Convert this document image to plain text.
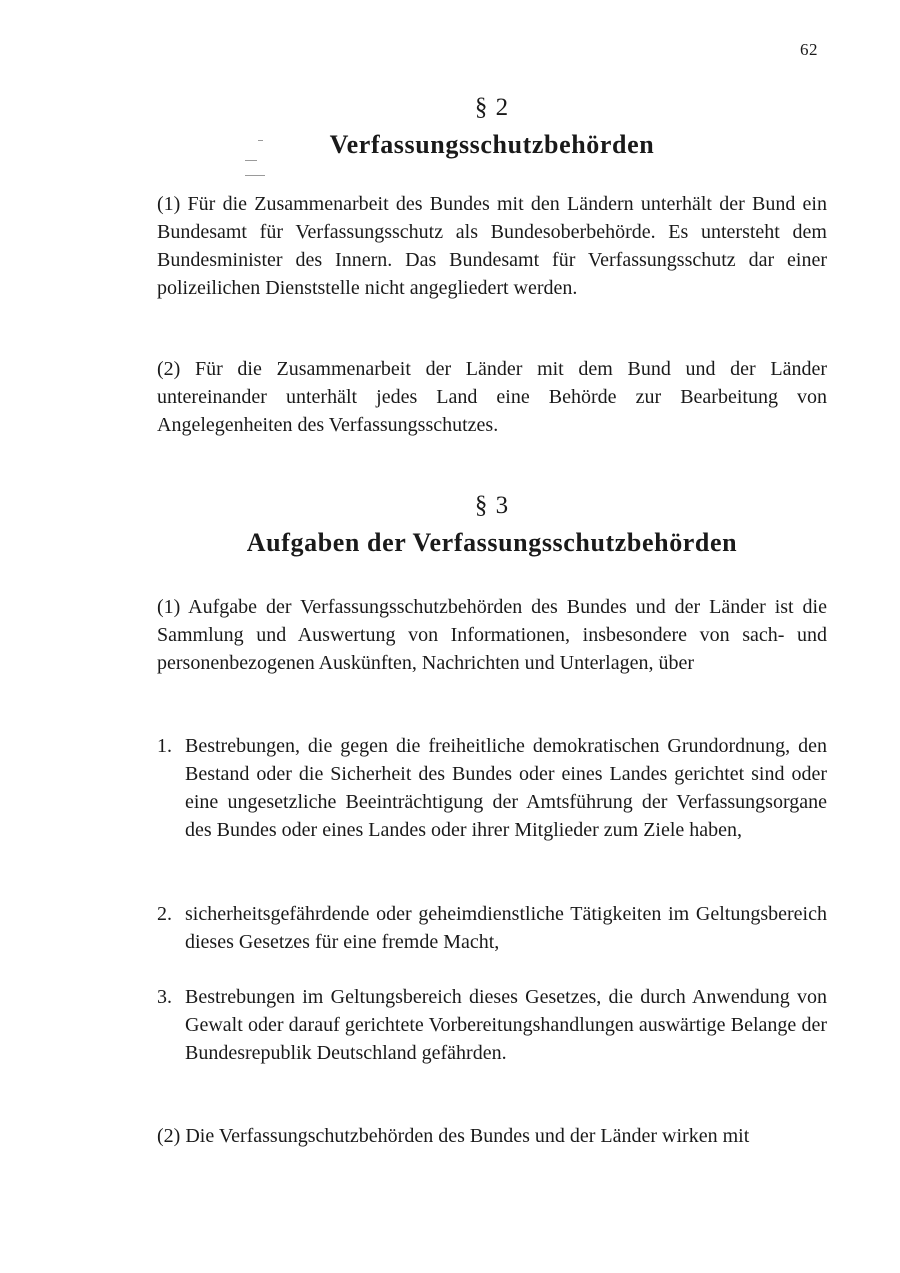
62
§ 2
Verfassungsschutzbehörden

(1) Für die Zusammenarbeit des Bundes mit den Ländern unterhält der Bund ein Bundesamt für Verfassungsschutz als Bundesoberbehörde. Es untersteht dem Bundesminister des Innern. Das Bundesamt für Verfassungsschutz dar einer polizeilichen Dienststelle nicht angegliedert werden.

(2) Für die Zusammenarbeit der Länder mit dem Bund und der Länder untereinander unterhält jedes Land eine Behörde zur Bearbeitung von Angelegenheiten des Verfassungsschutzes.

§ 3
Aufgaben der Verfassungsschutzbehörden

(1) Aufgabe der Verfassungsschutzbehörden des Bundes und der Länder ist die Sammlung und Auswertung von Informationen, insbesondere von sach- und personenbezogenen Auskünften, Nachrichten und Unterlagen, über

1. Bestrebungen, die gegen die freiheitliche demokratischen Grundordnung, den Bestand oder die Sicherheit des Bundes oder eines Landes gerichtet sind oder eine ungesetzliche Beeinträchtigung der Amtsführung der Verfassungsorgane des Bundes oder eines Landes oder ihrer Mitglieder zum Ziele haben,
2. sicherheitsgefährdende oder geheimdienstliche Tätigkeiten im Geltungsbereich dieses Gesetzes für eine fremde Macht,
3. Bestrebungen im Geltungsbereich dieses Gesetzes, die durch Anwendung von Gewalt oder darauf gerichtete Vorbereitungshandlungen auswärtige Belange der Bundesrepublik Deutschland gefährden.

(2) Die Verfassungschutzbehörden des Bundes und der Länder wirken mit
